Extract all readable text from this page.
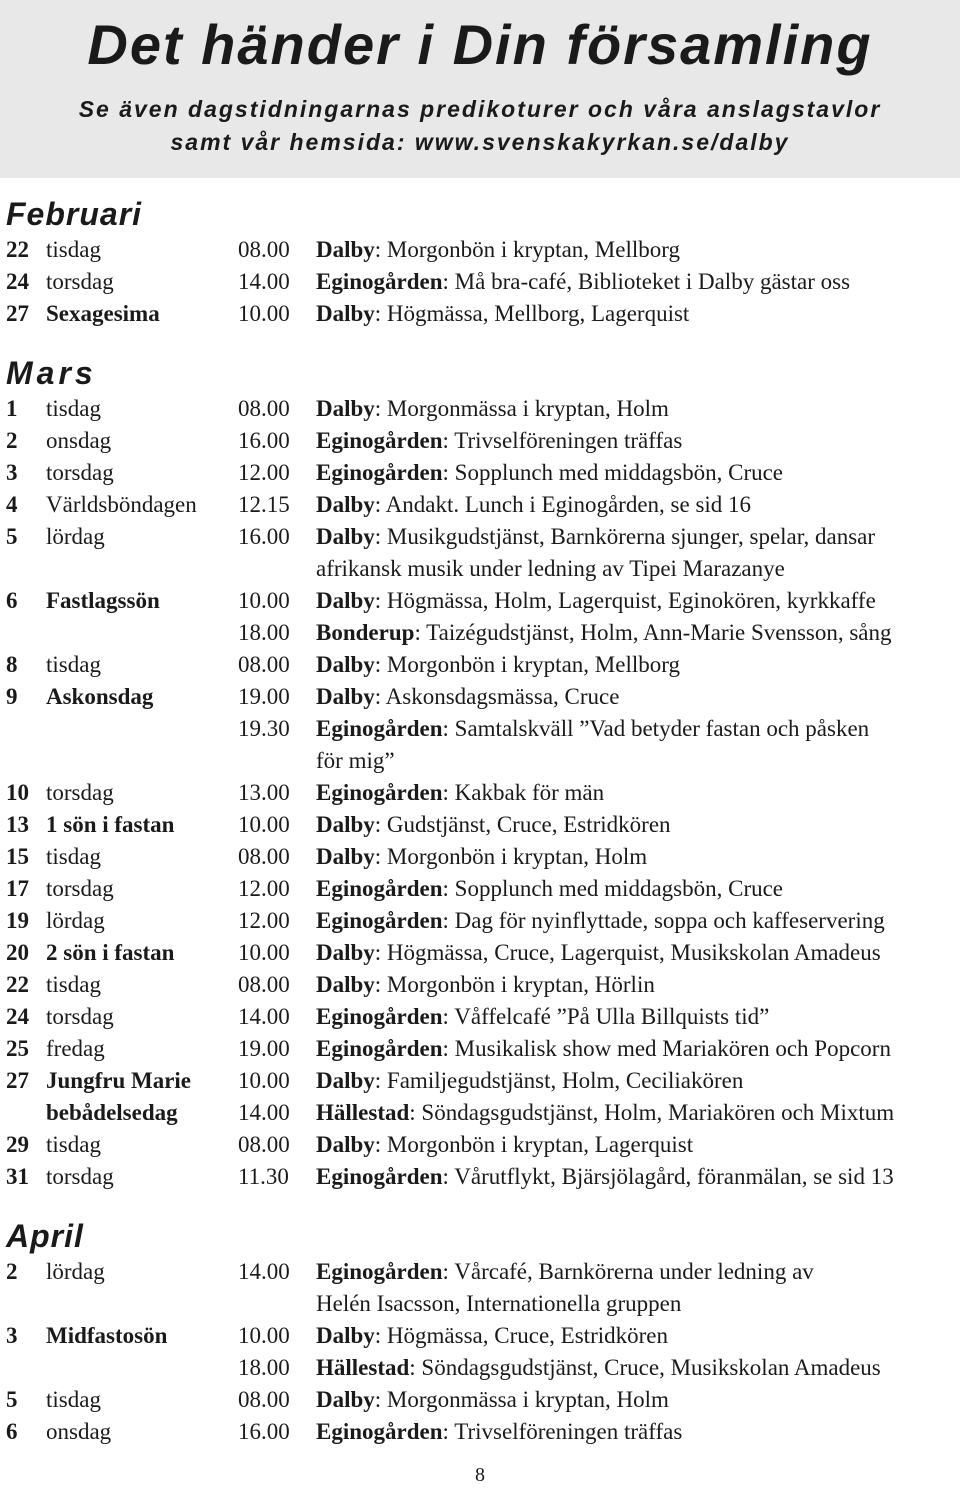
Det händer i Din församling

Se även dagstidningarnas predikoturer och våra anslagstavlor

samt vår hemsida: www.svenskakyrkan.se/dalby

Februari
22 tisdag	08.00 Dalby: Morgonbön i kryptan, Mellborg
24 torsdag	14.00 Eginogården: Må bra-café, Biblioteket i Dalby gästar oss
27 Sexagesima	10.00 Dalby: Högmässa, Mellborg, Lagerquist
Mars
1 tisdag	08.00 Dalby: Morgonmässa i kryptan, Holm
2 onsdag	16.00 Eginogården: Trivselföreningen träffas
3 torsdag	12.00 Eginogården: Sopplunch med middagsbön, Cruce
4 Världsböndagen 12.15 Dalby: Andakt. Lunch i Eginogården, se sid 16
5 lördag	16.00 Dalby: Musikgudstjänst, Barnkörerna sjunger, spelar, dansar
afrikansk musik under ledning av Tipei Marazanye
6 Fastlagssön	10.00 Dalby: Högmässa, Holm, Lagerquist, Eginokören, kyrkkaffe
18.00 Bonderup: Taizégudstjänst, Holm, Ann-Marie Svensson, sång
8 tisdag	08.00 Dalby: Morgonbön i kryptan, Mellborg
9 Askonsdag	19.00 Dalby: Askonsdagsmässa, Cruce
19.30 Eginogården: Samtalskväll ”Vad betyder fastan och påsken
för mig”
10 torsdag	13.00 Eginogården: Kakbak för män
13 1 sön i fastan	10.00 Dalby: Gudstjänst, Cruce, Estridkören
15 tisdag	08.00 Dalby: Morgonbön i kryptan, Holm
17 torsdag	12.00 Eginogården: Sopplunch med middagsbön, Cruce
19 lördag	12.00 Eginogården: Dag för nyinflyttade, soppa och kaffeservering
20 2 sön i fastan	10.00 Dalby: Högmässa, Cruce, Lagerquist, Musikskolan Amadeus
22 tisdag	08.00 Dalby: Morgonbön i kryptan, Hörlin
24 torsdag	14.00 Eginogården: Våffelcafé ”På Ulla Billquists tid”
25 fredag	19.00 Eginogården: Musikalisk show med Mariakören och Popcorn
27 Jungfru Marie 10.00 Dalby: Familjegudstjänst, Holm, Ceciliakören
bebådelsedag	14.00 Hällestad: Söndagsgudstjänst, Holm, Mariakören och Mixtum
29 tisdag	08.00 Dalby: Morgonbön i kryptan, Lagerquist
31 torsdag	11.30 Eginogården: Vårutflykt, Bjärsjölagård, föranmälan, se sid 13
April
2 lördag	14.00 Eginogården: Vårcafé, Barnkörerna under ledning av
Helén Isacsson, Internationella gruppen
3 Midfastosön	10.00 Dalby: Högmässa, Cruce, Estridkören
18.00 Hällestad: Söndagsgudstjänst, Cruce, Musikskolan Amadeus
5 tisdag	08.00 Dalby: Morgonmässa i kryptan, Holm
6 onsdag	16.00 Eginogården: Trivselföreningen träffas
8
